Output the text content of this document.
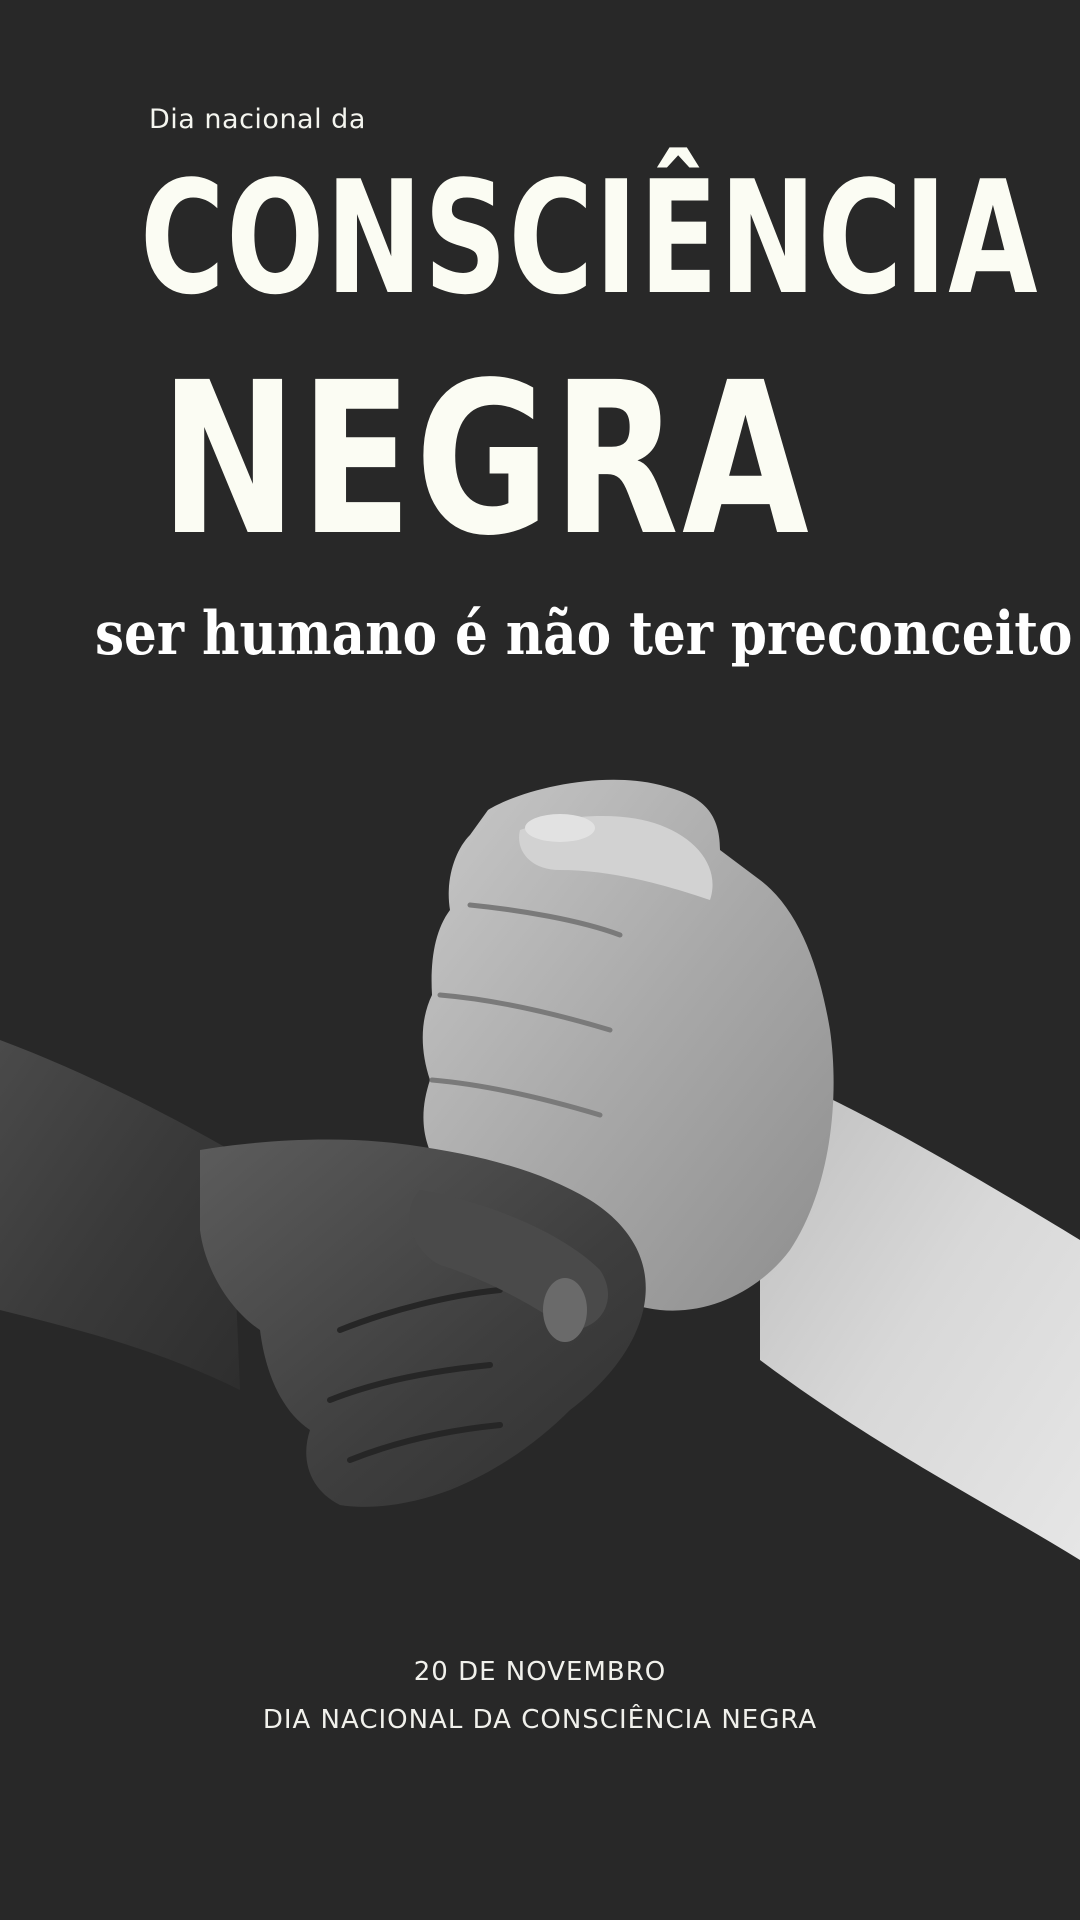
Dia nacional da

CONSCIÊNCIA
NEGRA

ser humano é não ter preconceito

20 DE NOVEMBRO

DIA NACIONAL DA CONSCIÊNCIA NEGRA
